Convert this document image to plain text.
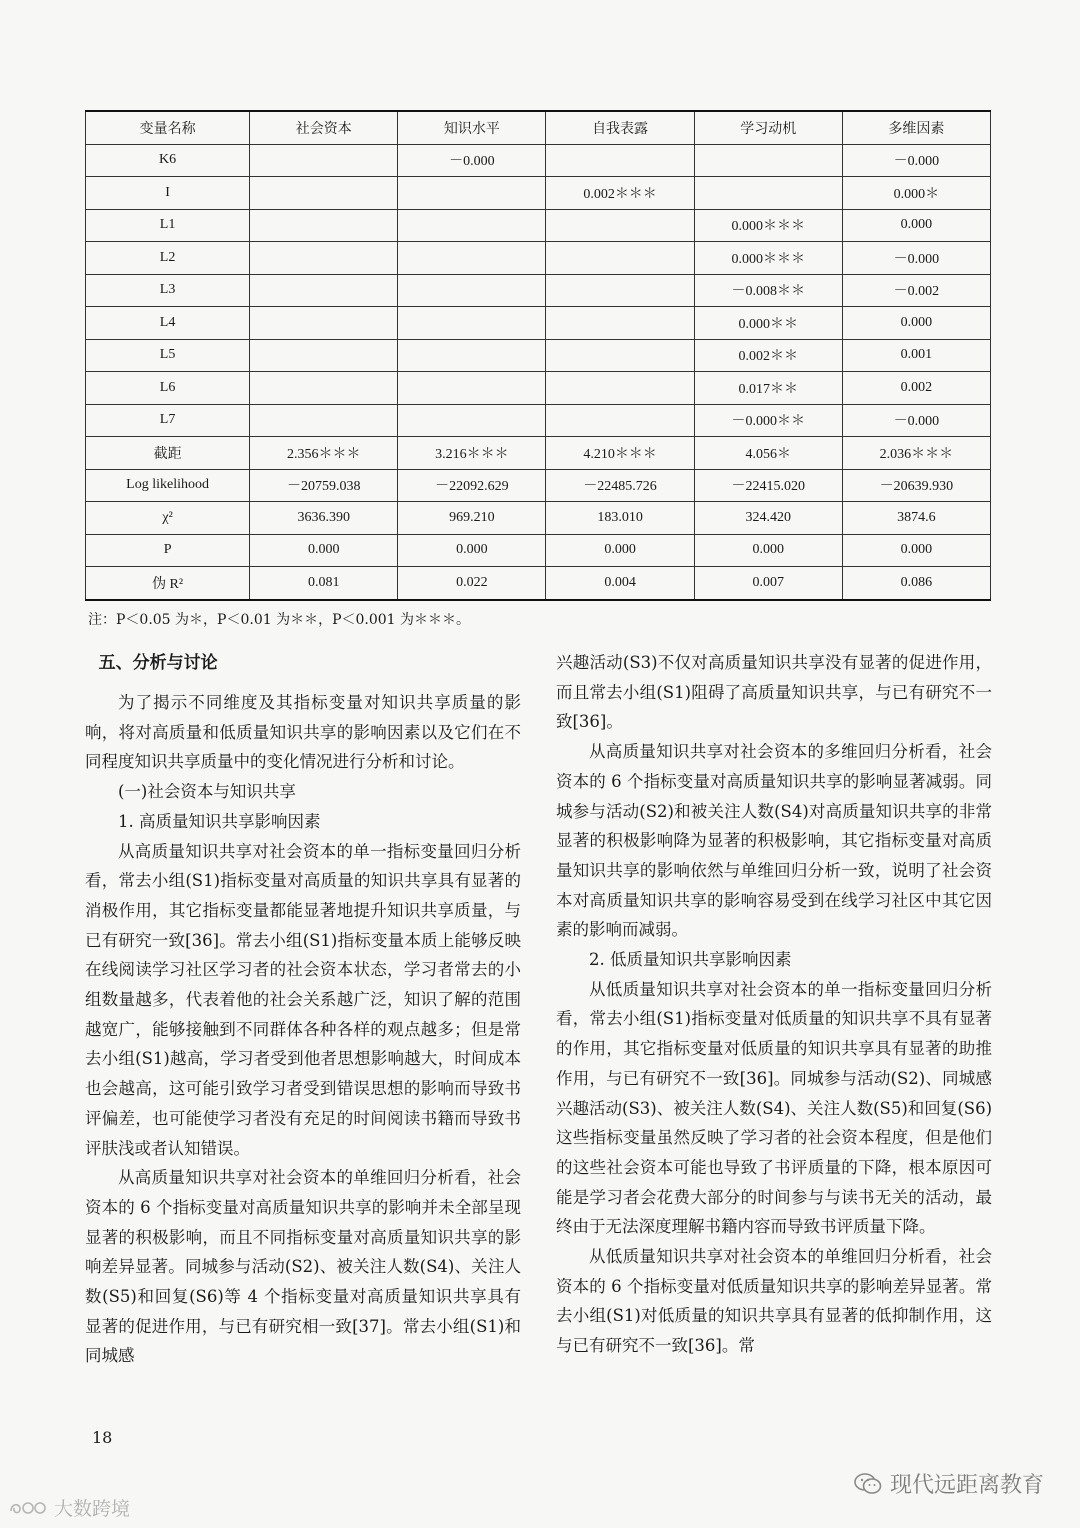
变量名称	社会资本	知识水平	自我表露	学习动机	多维因素
K6		－0.000			－0.000
I			0.002＊＊＊		0.000＊
L1				0.000＊＊＊	0.000
L2				0.000＊＊＊	－0.000
L3				－0.008＊＊	－0.002
L4				0.000＊＊	0.000
L5				0.002＊＊	0.001
L6				0.017＊＊	0.002
L7				－0.000＊＊	－0.000
截距	2.356＊＊＊	3.216＊＊＊	4.210＊＊＊	4.056＊	2.036＊＊＊
Log likelihood	－20759.038	－22092.629	－22485.726	－22415.020	－20639.930
χ²	3636.390	969.210	183.010	324.420	3874.6
P	0.000	0.000	0.000	0.000	0.000
伪 R²	0.081	0.022	0.004	0.007	0.086
注：P＜0.05 为＊，P＜0.01 为＊＊，P＜0.001 为＊＊＊。
五、分析与讨论

为了揭示不同维度及其指标变量对知识共享质量的影响，将对高质量和低质量知识共享的影响因素以及它们在不同程度知识共享质量中的变化情况进行分析和讨论。

(一)社会资本与知识共享

1. 高质量知识共享影响因素

从高质量知识共享对社会资本的单一指标变量回归分析看，常去小组(S1)指标变量对高质量的知识共享具有显著的消极作用，其它指标变量都能显著地提升知识共享质量，与已有研究一致[36]。常去小组(S1)指标变量本质上能够反映在线阅读学习社区学习者的社会资本状态，学习者常去的小组数量越多，代表着他的社会关系越广泛，知识了解的范围越宽广，能够接触到不同群体各种各样的观点越多；但是常去小组(S1)越高，学习者受到他者思想影响越大，时间成本也会越高，这可能引致学习者受到错误思想的影响而导致书评偏差，也可能使学习者没有充足的时间阅读书籍而导致书评肤浅或者认知错误。

从高质量知识共享对社会资本的单维回归分析看，社会资本的 6 个指标变量对高质量知识共享的影响并未全部呈现显著的积极影响，而且不同指标变量对高质量知识共享的影响差异显著。同城参与活动(S2)、被关注人数(S4)、关注人数(S5)和回复(S6)等 4 个指标变量对高质量知识共享具有显著的促进作用，与已有研究相一致[37]。常去小组(S1)和同城感

兴趣活动(S3)不仅对高质量知识共享没有显著的促进作用，而且常去小组(S1)阻碍了高质量知识共享，与已有研究不一致[36]。

从高质量知识共享对社会资本的多维回归分析看，社会资本的 6 个指标变量对高质量知识共享的影响显著减弱。同城参与活动(S2)和被关注人数(S4)对高质量知识共享的非常显著的积极影响降为显著的积极影响，其它指标变量对高质量知识共享的影响依然与单维回归分析一致，说明了社会资本对高质量知识共享的影响容易受到在线学习社区中其它因素的影响而减弱。

2. 低质量知识共享影响因素

从低质量知识共享对社会资本的单一指标变量回归分析看，常去小组(S1)指标变量对低质量的知识共享不具有显著的作用，其它指标变量对低质量的知识共享具有显著的助推作用，与已有研究不一致[36]。同城参与活动(S2)、同城感兴趣活动(S3)、被关注人数(S4)、关注人数(S5)和回复(S6)这些指标变量虽然反映了学习者的社会资本程度，但是他们的这些社会资本可能也导致了书评质量的下降，根本原因可能是学习者会花费大部分的时间参与与读书无关的活动，最终由于无法深度理解书籍内容而导致书评质量下降。

从低质量知识共享对社会资本的单维回归分析看，社会资本的 6 个指标变量对低质量知识共享的影响差异显著。常去小组(S1)对低质量的知识共享具有显著的低抑制作用，这与已有研究不一致[36]。常

18
现代远距离教育
大数跨境
